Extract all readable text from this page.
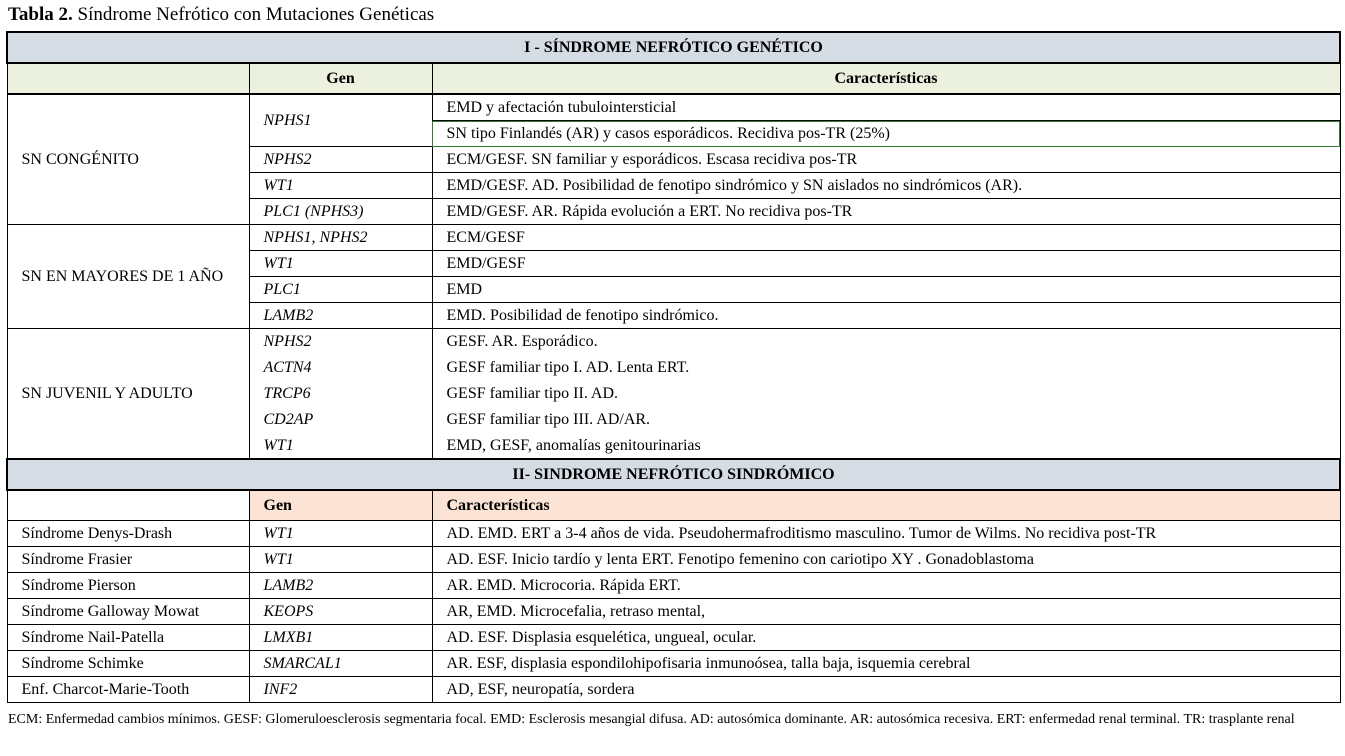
Tabla 2. Síndrome Nefrótico con Mutaciones Genéticas
I - SÍNDROME NEFRÓTICO GENÉTICO		
	Gen	Características
SN CONGÉNITO	NPHS1	EMD y afectación tubulointersticial
		SN tipo Finlandés (AR) y casos esporádicos. Recidiva pos-TR (25%)
	NPHS2	ECM/GESF. SN familiar y esporádicos. Escasa recidiva pos-TR
	WT1	EMD/GESF. AD. Posibilidad de fenotipo sindrómico y SN aislados no sindrómicos (AR).
	PLC1 (NPHS3)	EMD/GESF. AR. Rápida evolución a ERT. No recidiva pos-TR
SN EN MAYORES DE 1 AÑO	NPHS1, NPHS2	ECM/GESF
	WT1	EMD/GESF
	PLC1	EMD
	LAMB2	EMD. Posibilidad de fenotipo sindrómico.
SN JUVENIL Y ADULTO	NPHS2	GESF. AR. Esporádico.
	ACTN4	GESF familiar tipo I. AD. Lenta ERT.
	TRCP6	GESF familiar tipo II. AD.
	CD2AP	GESF familiar tipo III. AD/AR.
	WT1	EMD, GESF, anomalías genitourinarias
II- SINDROME NEFRÓTICO SINDRÓMICO		
	Gen	Características
Síndrome Denys-Drash	WT1	AD. EMD. ERT a 3-4 años de vida. Pseudohermafroditismo masculino. Tumor de Wilms. No recidiva post-TR
Síndrome Frasier	WT1	AD. ESF. Inicio tardío y lenta ERT. Fenotipo femenino con cariotipo XY . Gonadoblastoma
Síndrome Pierson	LAMB2	AR. EMD. Microcoria. Rápida ERT.
Síndrome Galloway Mowat	KEOPS	AR, EMD. Microcefalia, retraso mental,
Síndrome Nail-Patella	LMXB1	AD. ESF. Displasia esquelética, ungueal, ocular.
Síndrome Schimke	SMARCAL1	AR. ESF, displasia espondilohipofisaria inmunoósea, talla baja, isquemia cerebral
Enf. Charcot-Marie-Tooth	INF2	AD, ESF, neuropatía, sordera
ECM: Enfermedad cambios mínimos. GESF: Glomeruloesclerosis segmentaria focal. EMD: Esclerosis mesangial difusa. AD: autosómica dominante. AR: autosómica recesiva. ERT: enfermedad renal terminal. TR: trasplante renal
